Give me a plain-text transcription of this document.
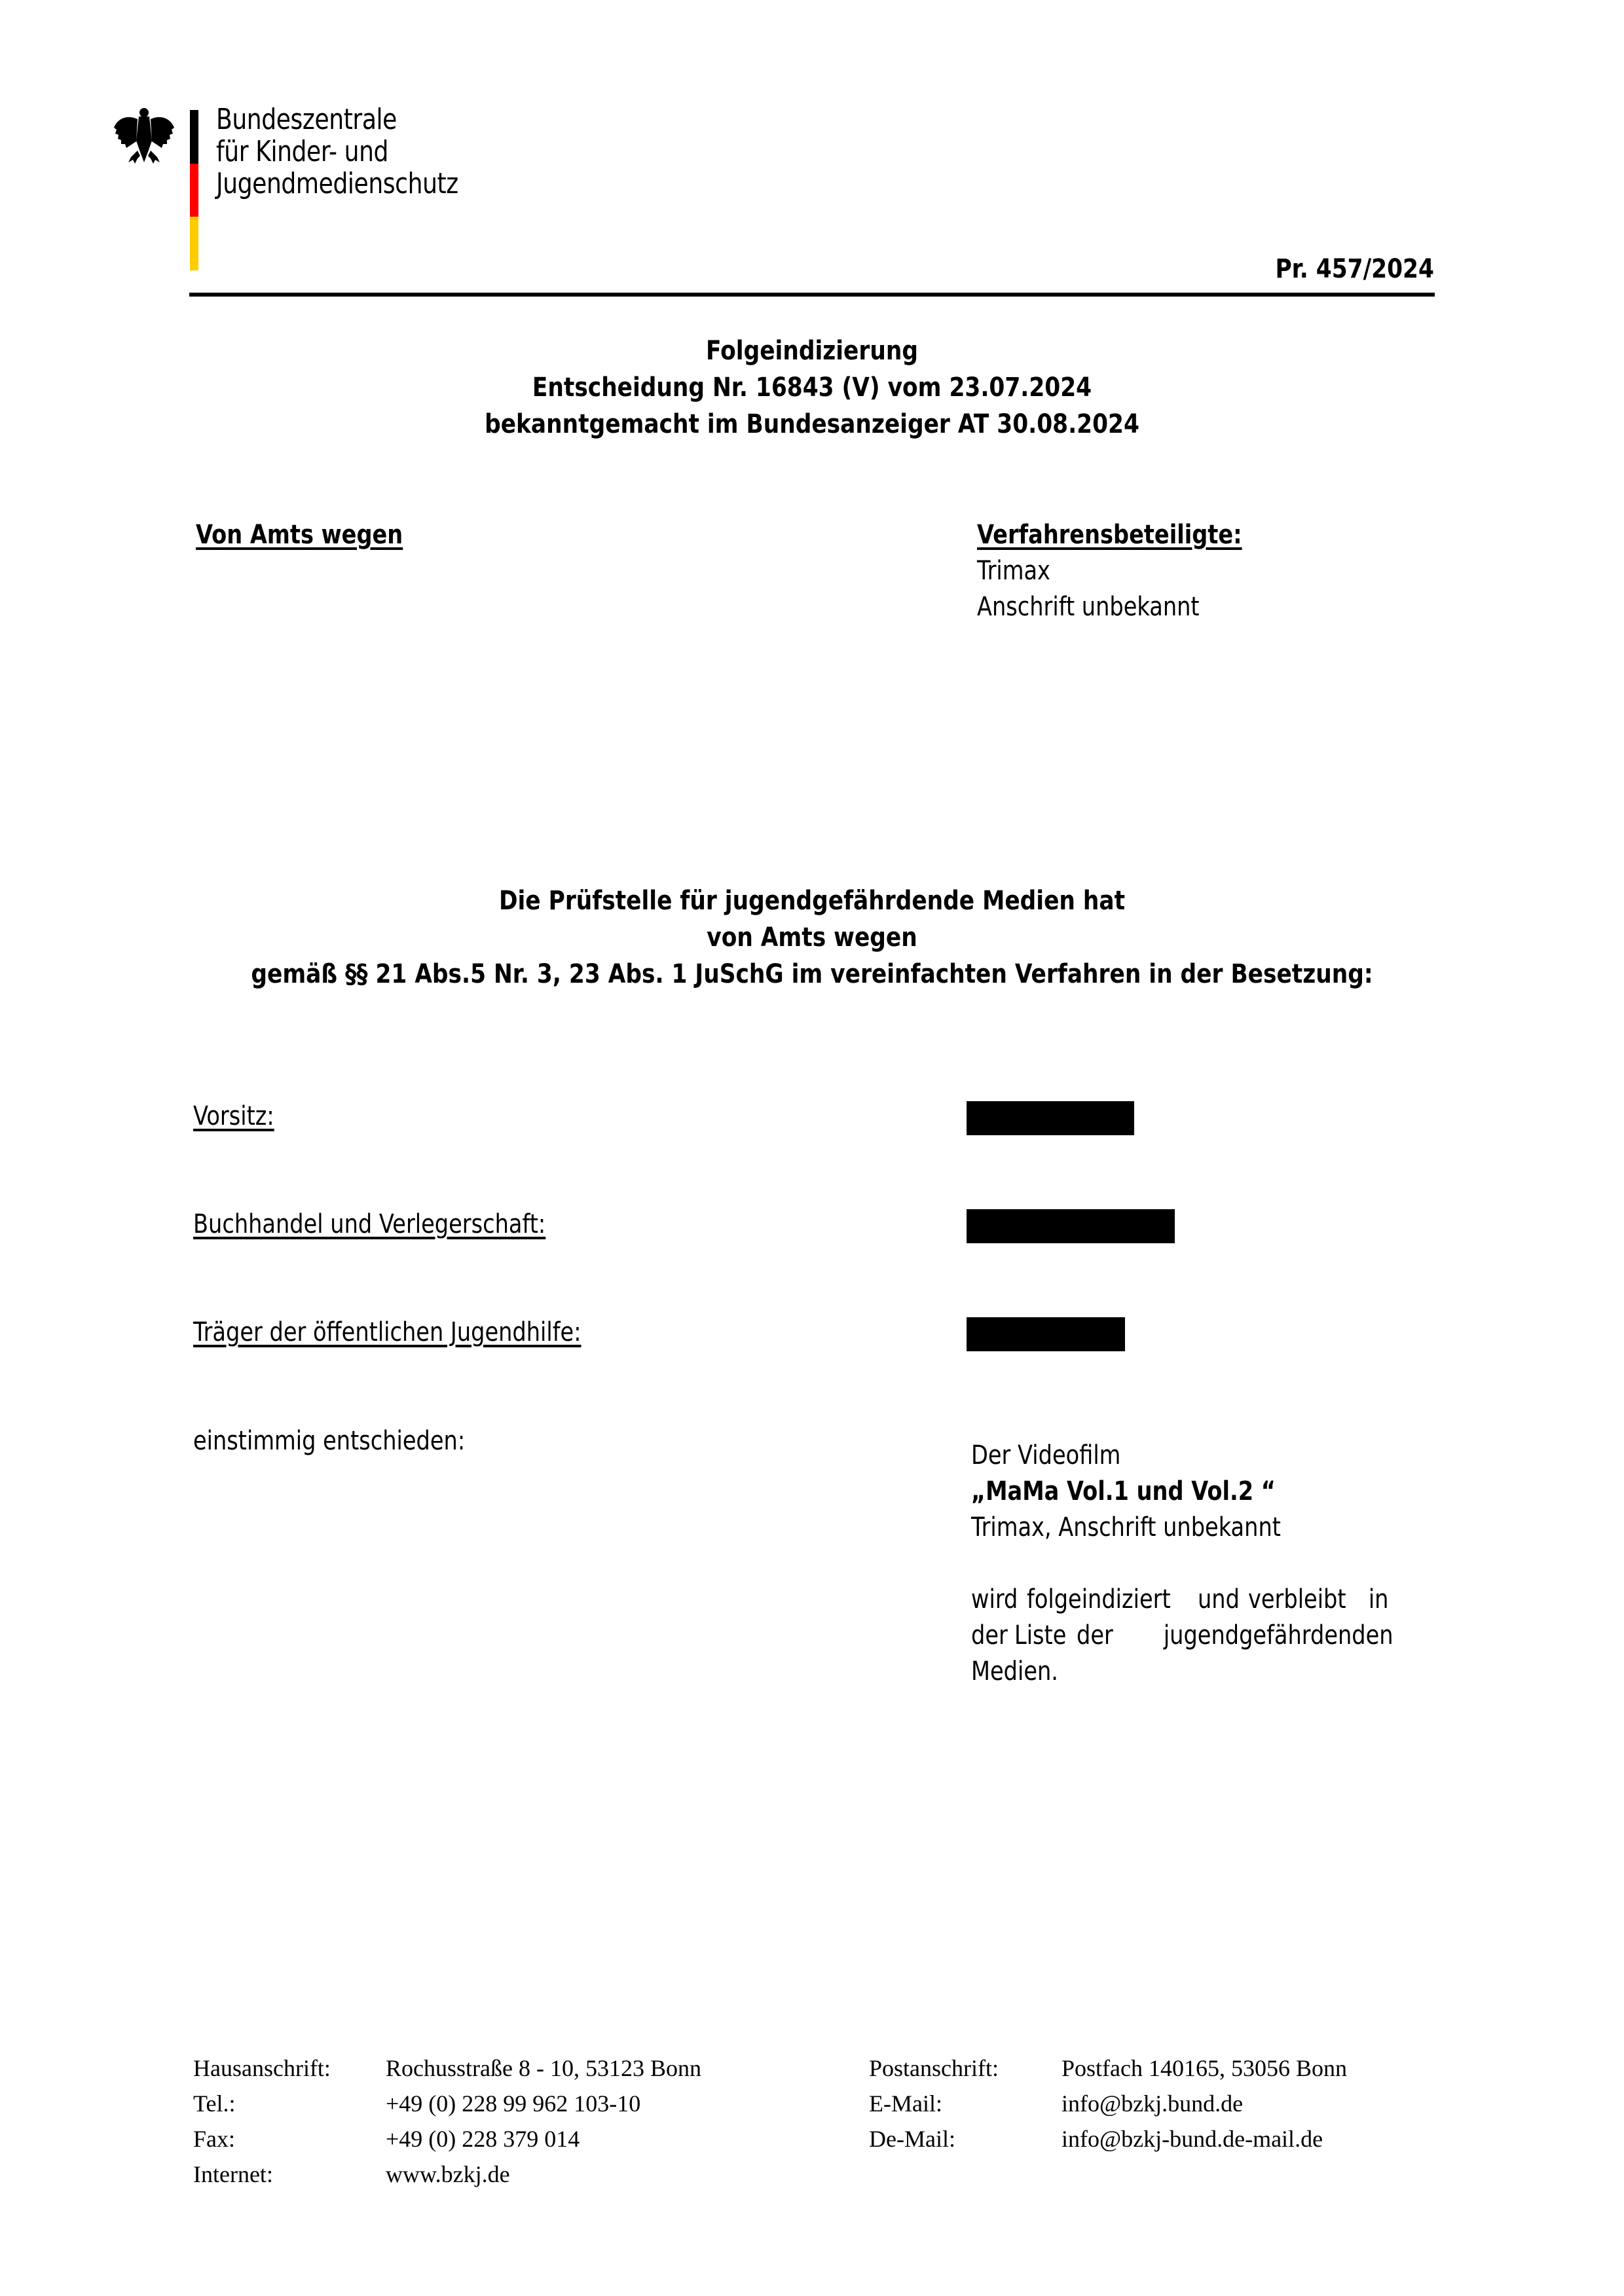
Bundeszentrale
für Kinder- und
Jugendmedienschutz
Pr. 457/2024
Folgeindizierung
Entscheidung Nr. 16843 (V) vom 23.07.2024
bekanntgemacht im Bundesanzeiger AT 30.08.2024
Von Amts wegen	Verfahrensbeteiligte:
Trimax
Anschrift unbekannt
Die Prüfstelle für jugendgefährdende Medien hat
von Amts wegen
gemäß §§ 21 Abs.5 Nr. 3, 23 Abs. 1 JuSchG im vereinfachten Verfahren in der Besetzung:
Vorsitz:
Buchhandel und Verlegerschaft:
Träger der öffentlichen Jugendhilfe:
einstimmig entschieden:	Der Videofilm
„MaMa Vol.1 und Vol.2 “
Trimax, Anschrift unbekannt
wird folgeindiziert und verbleibt in
der Liste der jugendgefährdenden
Medien.
Hausanschrift:	Rochusstraße 8 - 10, 53123 Bonn
Tel.:	+49 (0) 228 99 962 103-10
Fax:	+49 (0) 228 379 014
Internet:	www.bzkj.de
Postanschrift:	Postfach 140165, 53056 Bonn
E-Mail:	info@bzkj.bund.de
De-Mail:	info@bzkj-bund.de-mail.de
